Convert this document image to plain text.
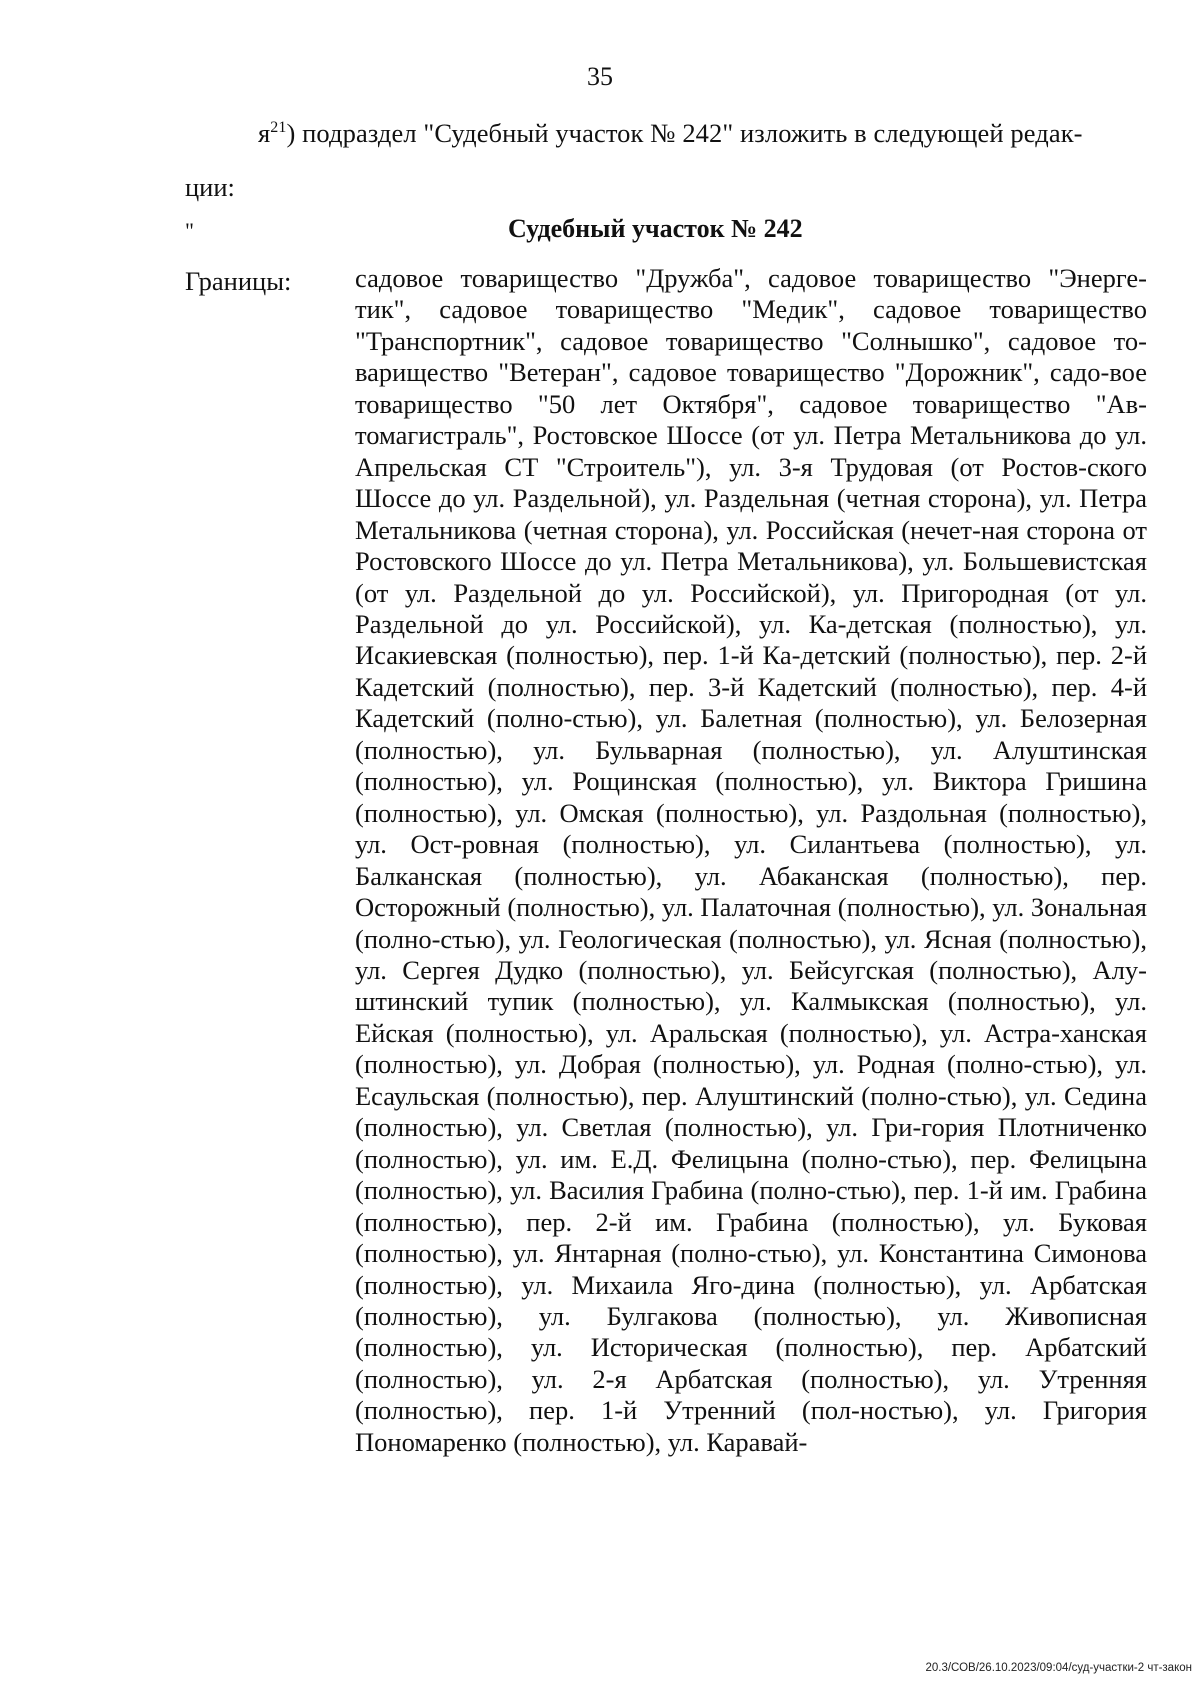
35
$я^{21}$) подраздел "Судебный участок № 242" изложить в следующей редак-
ции:
"	Судебный участок № 242
Границы: садовое товарищество "Дружба", садовое товарищество "Энерге-тик", садовое товарищество "Медик", садовое товарищество "Транспортник", садовое товарищество "Солнышко", садовое то-варищество "Ветеран", садовое товарищество "Дорожник", садо-вое товарищество "50 лет Октября", садовое товарищество "Ав-томагистраль", Ростовское Шоссе (от ул. Петра Метальникова до ул. Апрельская СТ "Строитель"), ул. 3-я Трудовая (от Ростов-ского Шоссе до ул. Раздельной), ул. Раздельная (четная сторона), ул. Петра Метальникова (четная сторона), ул. Российская (нечет-ная сторона от Ростовского Шоссе до ул. Петра Метальникова), ул. Большевистская (от ул. Раздельной до ул. Российской), ул. Пригородная (от ул. Раздельной до ул. Российской), ул. Ка-детская (полностью), ул. Исакиевская (полностью), пер. 1-й Ка-детский (полностью), пер. 2-й Кадетский (полностью), пер. 3-й Кадетский (полностью), пер. 4-й Кадетский (полно-стью), ул. Балетная (полностью), ул. Белозерная (полностью), ул. Бульварная (полностью), ул. Алуштинская (полностью), ул. Рощинская (полностью), ул. Виктора Гришина (полностью), ул. Омская (полностью), ул. Раздольная (полностью), ул. Ост-ровная (полностью), ул. Силантьева (полностью), ул. Балканская (полностью), ул. Абаканская (полностью), пер. Осторожный (полностью), ул. Палаточная (полностью), ул. Зональная (полно-стью), ул. Геологическая (полностью), ул. Ясная (полностью), ул. Сергея Дудко (полностью), ул. Бейсугская (полностью), Алу-штинский тупик (полностью), ул. Калмыкская (полностью), ул. Ейская (полностью), ул. Аральская (полностью), ул. Астра-ханская (полностью), ул. Добрая (полностью), ул. Родная (полно-стью), ул. Есаульская (полностью), пер. Алуштинский (полно-стью), ул. Седина (полностью), ул. Светлая (полностью), ул. Гри-гория Плотниченко (полностью), ул. им. Е.Д. Фелицына (полно-стью), пер. Фелицына (полностью), ул. Василия Грабина (полно-стью), пер. 1-й им. Грабина (полностью), пер. 2-й им. Грабина (полностью), ул. Буковая (полностью), ул. Янтарная (полно-стью), ул. Константина Симонова (полностью), ул. Михаила Яго-дина (полностью), ул. Арбатская (полностью), ул. Булгакова (полностью), ул. Живописная (полностью), ул. Историческая (полностью), пер. Арбатский (полностью), ул. 2-я Арбатская (полностью), ул. Утренняя (полностью), пер. 1-й Утренний (пол-ностью), ул. Григория Пономаренко (полностью), ул. Каравай-
20.3/СОВ/26.10.2023/09:04/суд-участки-2 чт-закон
